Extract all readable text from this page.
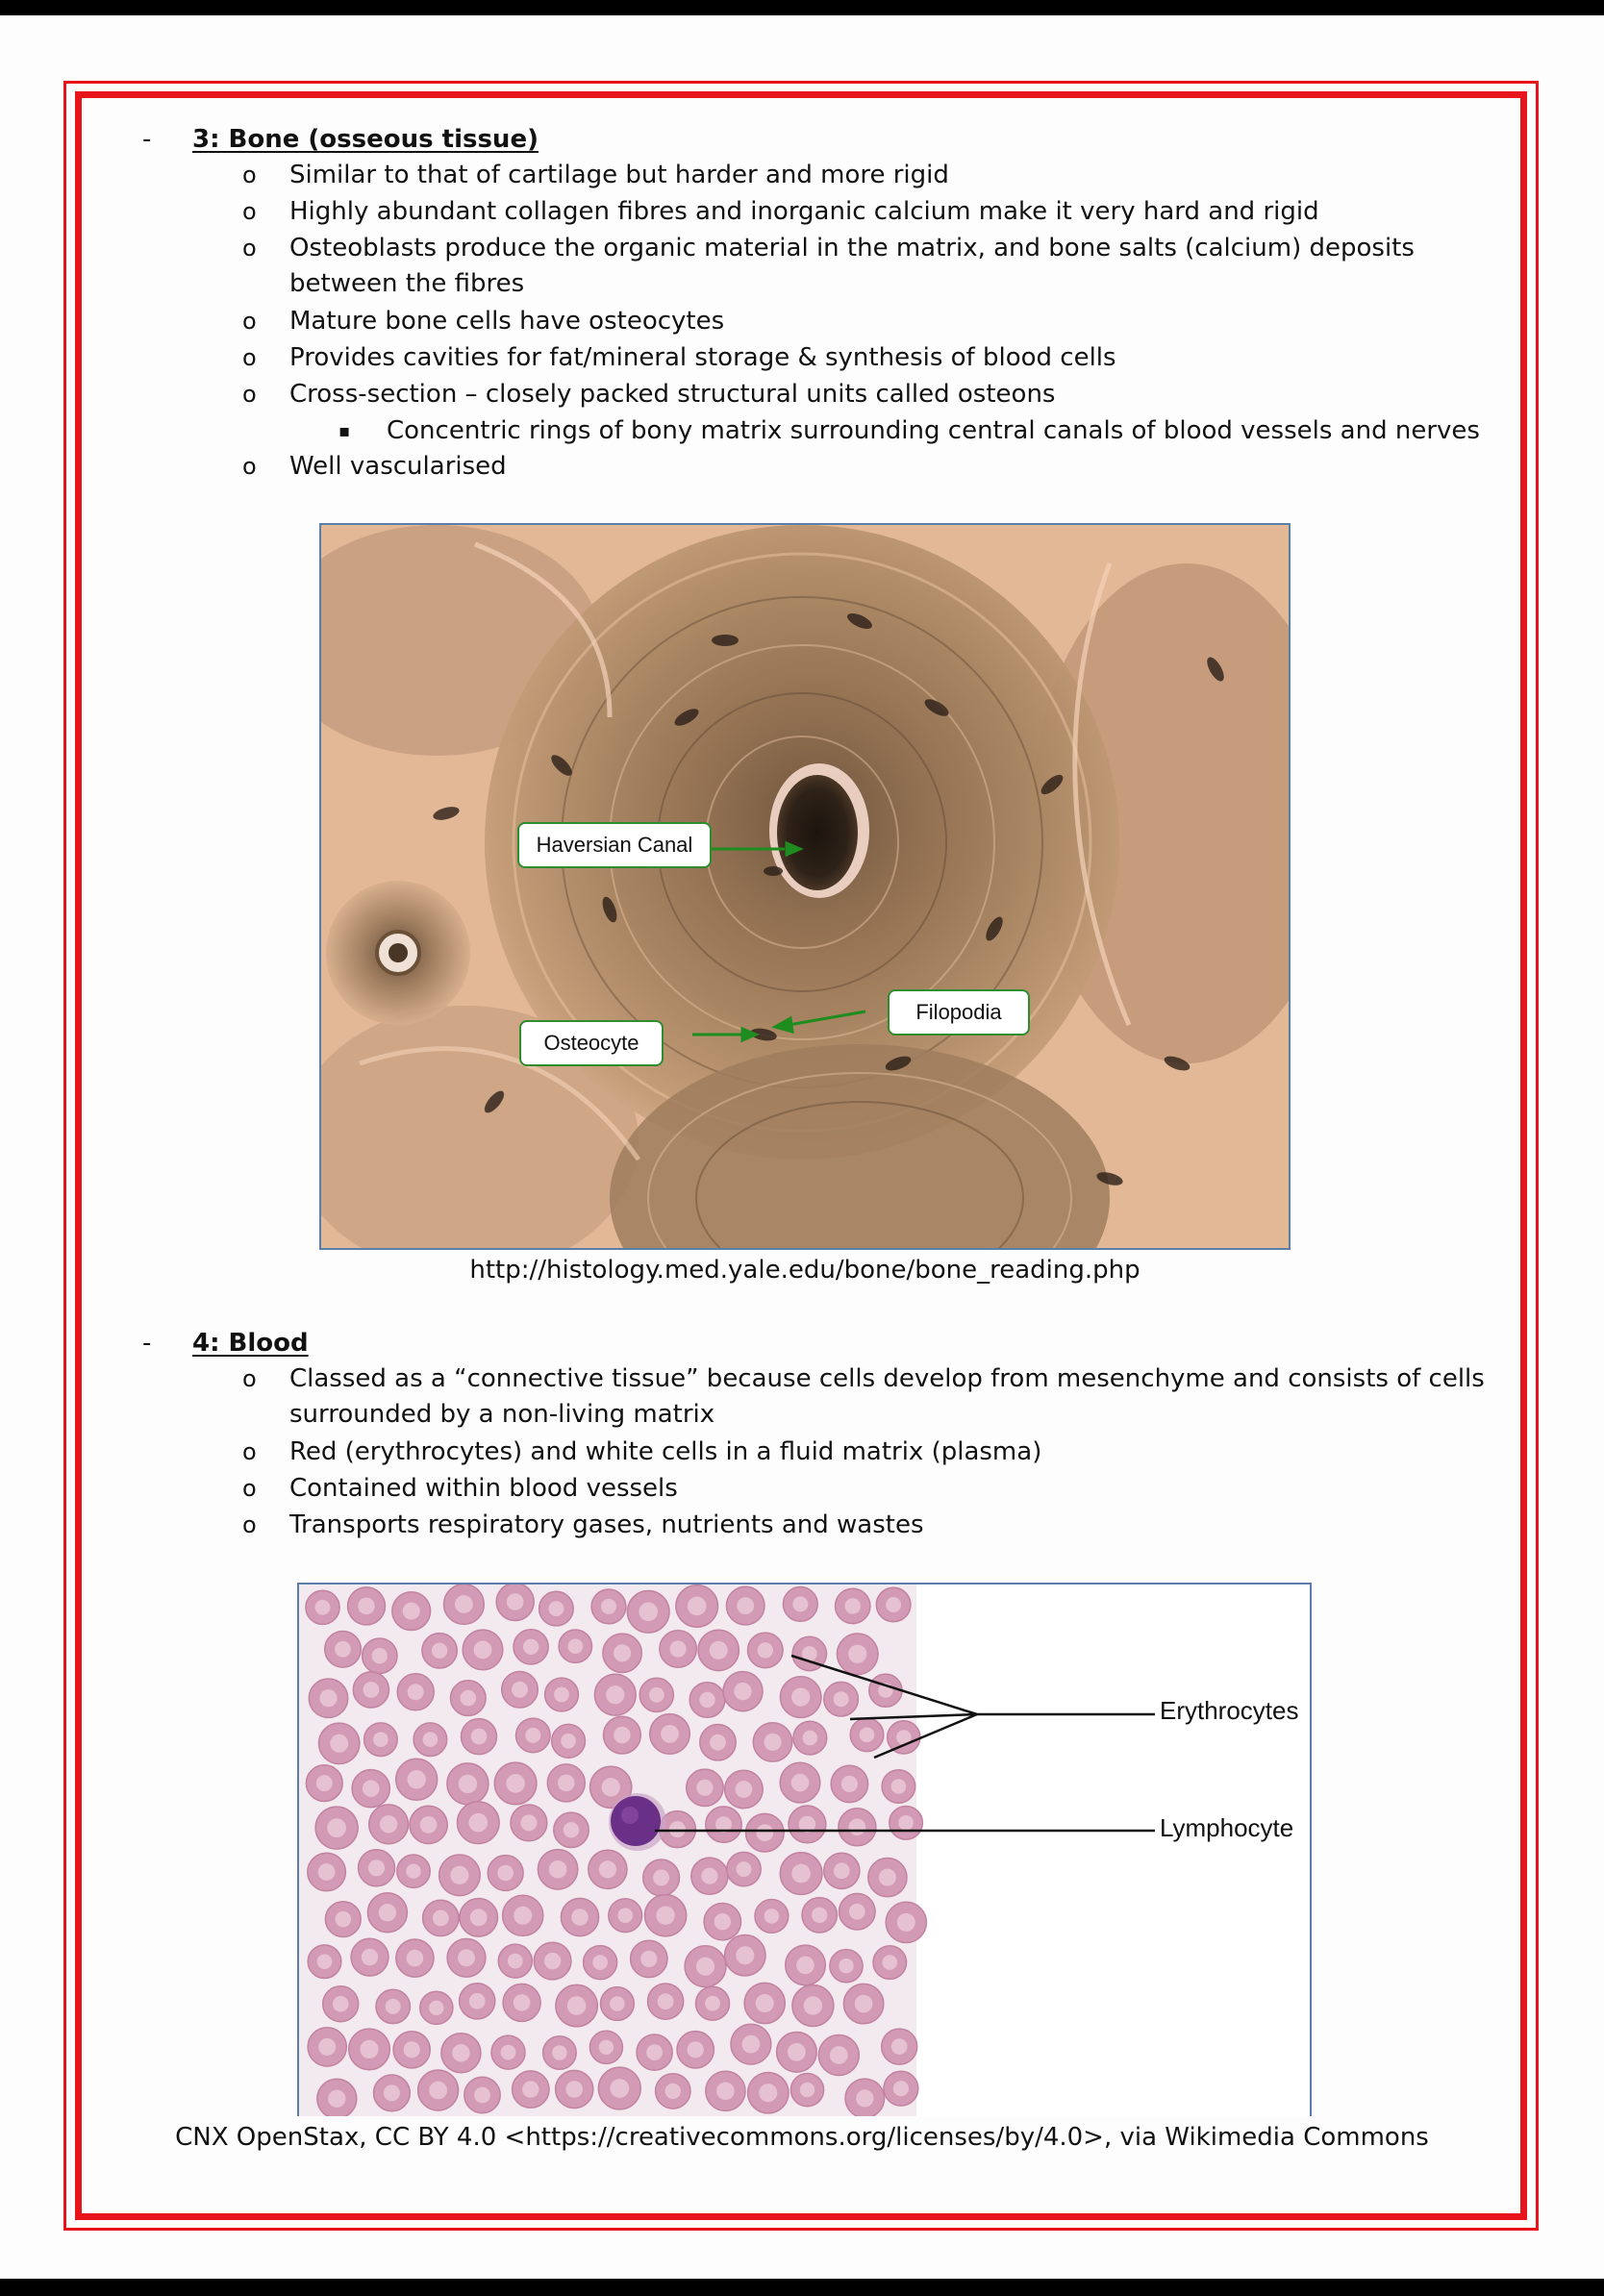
- 3: Bone (osseous tissue)
o Similar to that of cartilage but harder and more rigid
o Highly abundant collagen fibres and inorganic calcium make it very hard and rigid
o Osteoblasts produce the organic material in the matrix, and bone salts (calcium) deposits between the fibres
o Mature bone cells have osteocytes
o Provides cavities for fat/mineral storage & synthesis of blood cells
o Cross-section – closely packed structural units called osteons
▪ Concentric rings of bony matrix surrounding central canals of blood vessels and nerves
o Well vascularised
Haversian Canal
Filopodia
Osteocyte
http://histology.med.yale.edu/bone/bone_reading.php
- 4: Blood
o Classed as a “connective tissue” because cells develop from mesenchyme and consists of cells surrounded by a non-living matrix
o Red (erythrocytes) and white cells in a fluid matrix (plasma)
o Contained within blood vessels
o Transports respiratory gases, nutrients and wastes
Erythrocytes
Lymphocyte
CNX OpenStax, CC BY 4.0 <https://creativecommons.org/licenses/by/4.0>, via Wikimedia Commons
